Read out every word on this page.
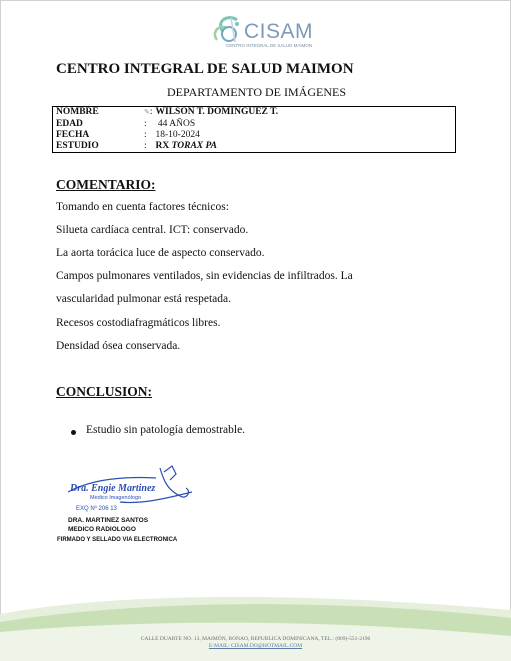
CISAM
CENTRO INTEGRAL DE SALUD MAIMON
CENTRO INTEGRAL DE SALUD MAIMON
DEPARTAMENTO DE IMÁGENES
NOMBRE	✎:	WILSON T. DOMINGUEZ T.
EDAD	:	44 AÑOS
FECHA	:	18-10-2024
ESTUDIO	:	RX TORAX PA
COMENTARIO:
Tomando en cuenta factores técnicos:
Silueta cardíaca central. ICT: conservado.
La aorta torácica luce de aspecto conservado.
Campos pulmonares ventilados, sin evidencias de infiltrados. La
vascularidad pulmonar está respetada.
Recesos costodiafragmáticos libres.
Densidad ósea conservada.
CONCLUSION:
Estudio sin patología demostrable.
Dra. Engie Martinez
Medico Imagenólogo
EXQ Nº 206 13
DRA. MARTINEZ SANTOS
MEDICO RADIOLOGO
FIRMADO Y SELLADO VIA ELECTRONICA
CALLE DUARTE NO. 13, MAIMÓN, BONAO, REPUBLICA DOMINICANA, TEL.: (809)-551-2196
E-MAIL: CISAM.DO@HOTMAIL.COM
